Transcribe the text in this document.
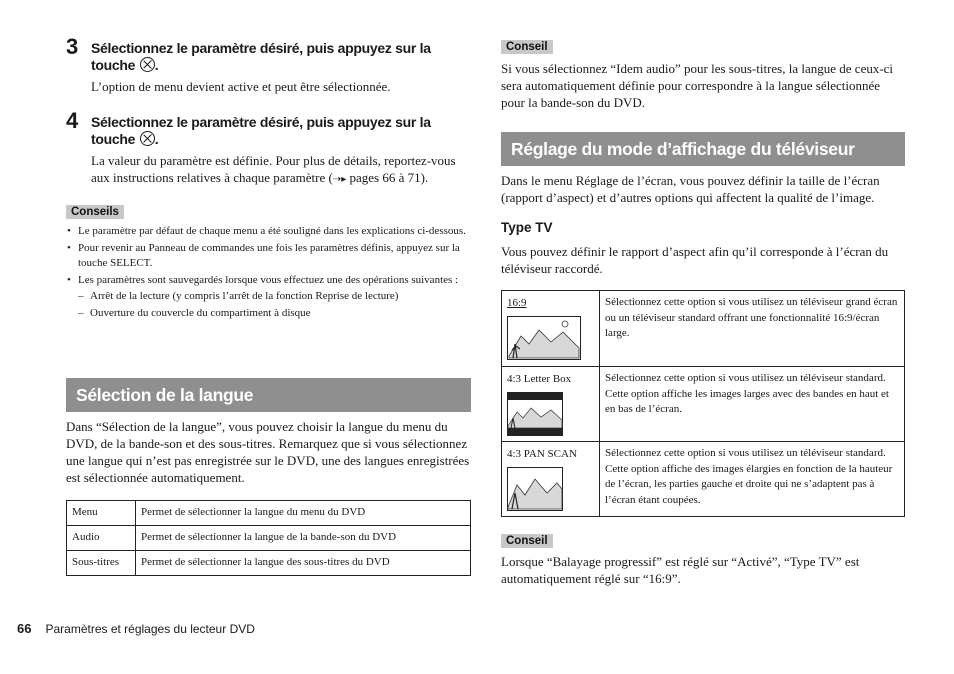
3 Sélectionnez le paramètre désiré, puis appuyez sur la touche .
L’option de menu devient active et peut être sélectionnée.
4 Sélectionnez le paramètre désiré, puis appuyez sur la touche .
La valeur du paramètre est définie. Pour plus de détails, reportez-vous aux instructions relatives à chaque paramètre (⇢▸ pages 66 à 71).
Conseils
• Le paramètre par défaut de chaque menu a été souligné dans les explications ci-dessous.
• Pour revenir au Panneau de commandes une fois les paramètres définis, appuyez sur la touche SELECT.
• Les paramètres sont sauvegardés lorsque vous effectuez une des opérations suivantes :
– Arrêt de la lecture (y compris l’arrêt de la fonction Reprise de lecture)
– Ouverture du couvercle du compartiment à disque
Sélection de la langue
Dans “Sélection de la langue”, vous pouvez choisir la langue du menu du DVD, de la bande-son et des sous-titres. Remarquez que si vous sélectionnez une langue qui n’est pas enregistrée sur le DVD, une des langues enregistrées est sélectionnée automatiquement.
Menu	Permet de sélectionner la langue du menu du DVD
Audio	Permet de sélectionner la langue de la bande-son du DVD
Sous-titres	Permet de sélectionner la langue des sous-titres du DVD
Conseil
Si vous sélectionnez “Idem audio” pour les sous-titres, la langue de ceux-ci sera automatiquement définie pour correspondre à la langue sélectionnée pour la bande-son du DVD.
Réglage du mode d’affichage du téléviseur
Dans le menu Réglage de l’écran, vous pouvez définir la taille de l’écran (rapport d’aspect) et d’autres options qui affectent la qualité de l’image.
Type TV
Vous pouvez définir le rapport d’aspect afin qu’il corresponde à l’écran du téléviseur raccordé.
16:9	Sélectionnez cette option si vous utilisez un téléviseur grand écran ou un téléviseur standard offrant une fonctionnalité 16:9/écran large.
4:3 Letter Box	Sélectionnez cette option si vous utilisez un téléviseur standard. Cette option affiche les images larges avec des bandes en haut et en bas de l’écran.
4:3 PAN SCAN	Sélectionnez cette option si vous utilisez un téléviseur standard. Cette option affiche des images élargies en fonction de la hauteur de l’écran, les parties gauche et droite qui ne s’adaptent pas à l’écran étant coupées.
Conseil
Lorsque “Balayage progressif” est réglé sur “Activé”, “Type TV” est automatiquement réglé sur “16:9”.
66 Paramètres et réglages du lecteur DVD
